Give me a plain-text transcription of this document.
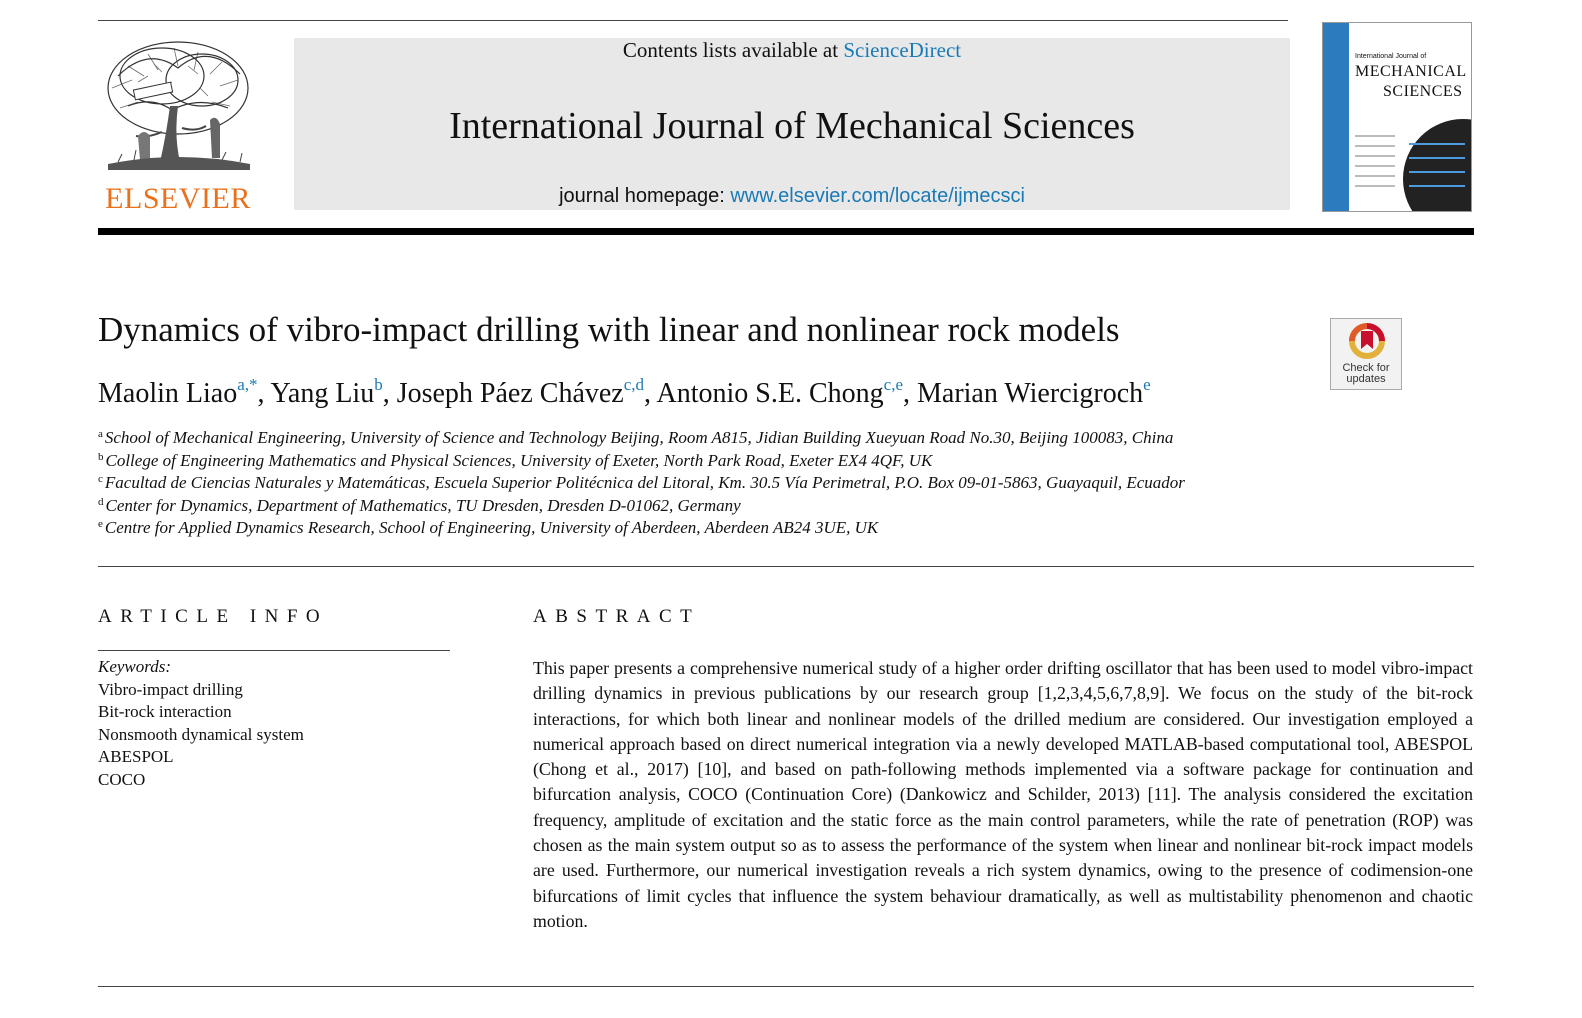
ELSEVIER
Contents lists available at ScienceDirect
International Journal of Mechanical Sciences
journal homepage: www.elsevier.com/locate/ijmecsci
International Journal of
MECHANICAL
SCIENCES
Dynamics of vibro-impact drilling with linear and nonlinear rock models
Check for
updates
Maolin Liao$^{a,*}$, Yang Liu$^b$, Joseph Páez Chávez$^{c,d}$, Antonio S.E. Chong$^{c,e}$, Marian Wiercigroch$^e$
$^a$ School of Mechanical Engineering, University of Science and Technology Beijing, Room A815, Jidian Building Xueyuan Road No.30, Beijing 100083, China
$^b$ College of Engineering Mathematics and Physical Sciences, University of Exeter, North Park Road, Exeter EX4 4QF, UK
$^c$ Facultad de Ciencias Naturales y Matemáticas, Escuela Superior Politécnica del Litoral, Km. 30.5 Vía Perimetral, P.O. Box 09-01-5863, Guayaquil, Ecuador
$^d$ Center for Dynamics, Department of Mathematics, TU Dresden, Dresden D-01062, Germany
$^e$ Centre for Applied Dynamics Research, School of Engineering, University of Aberdeen, Aberdeen AB24 3UE, UK
ARTICLE INFO
Keywords:
Vibro-impact drilling
Bit-rock interaction
Nonsmooth dynamical system
ABESPOL
COCO
ABSTRACT

This paper presents a comprehensive numerical study of a higher order drifting oscillator that has been used to model vibro-impact drilling dynamics in previous publications by our research group [1,2,3,4,5,6,7,8,9]. We focus on the study of the bit-rock interactions, for which both linear and nonlinear models of the drilled medium are considered. Our investigation employed a numerical approach based on direct numerical integration via a newly developed MATLAB-based computational tool, ABESPOL (Chong et al., 2017) [10], and based on path-following methods implemented via a software package for continuation and bifurcation analysis, COCO (Continuation Core) (Dankowicz and Schilder, 2013) [11]. The analysis considered the excitation frequency, amplitude of excitation and the static force as the main control parameters, while the rate of penetration (ROP) was chosen as the main system output so as to assess the performance of the system when linear and nonlinear bit-rock impact models are used. Furthermore, our numerical investigation reveals a rich system dynamics, owing to the presence of codimension-one bifurcations of limit cycles that influence the system behaviour dramatically, as well as multistability phenomenon and chaotic motion.
